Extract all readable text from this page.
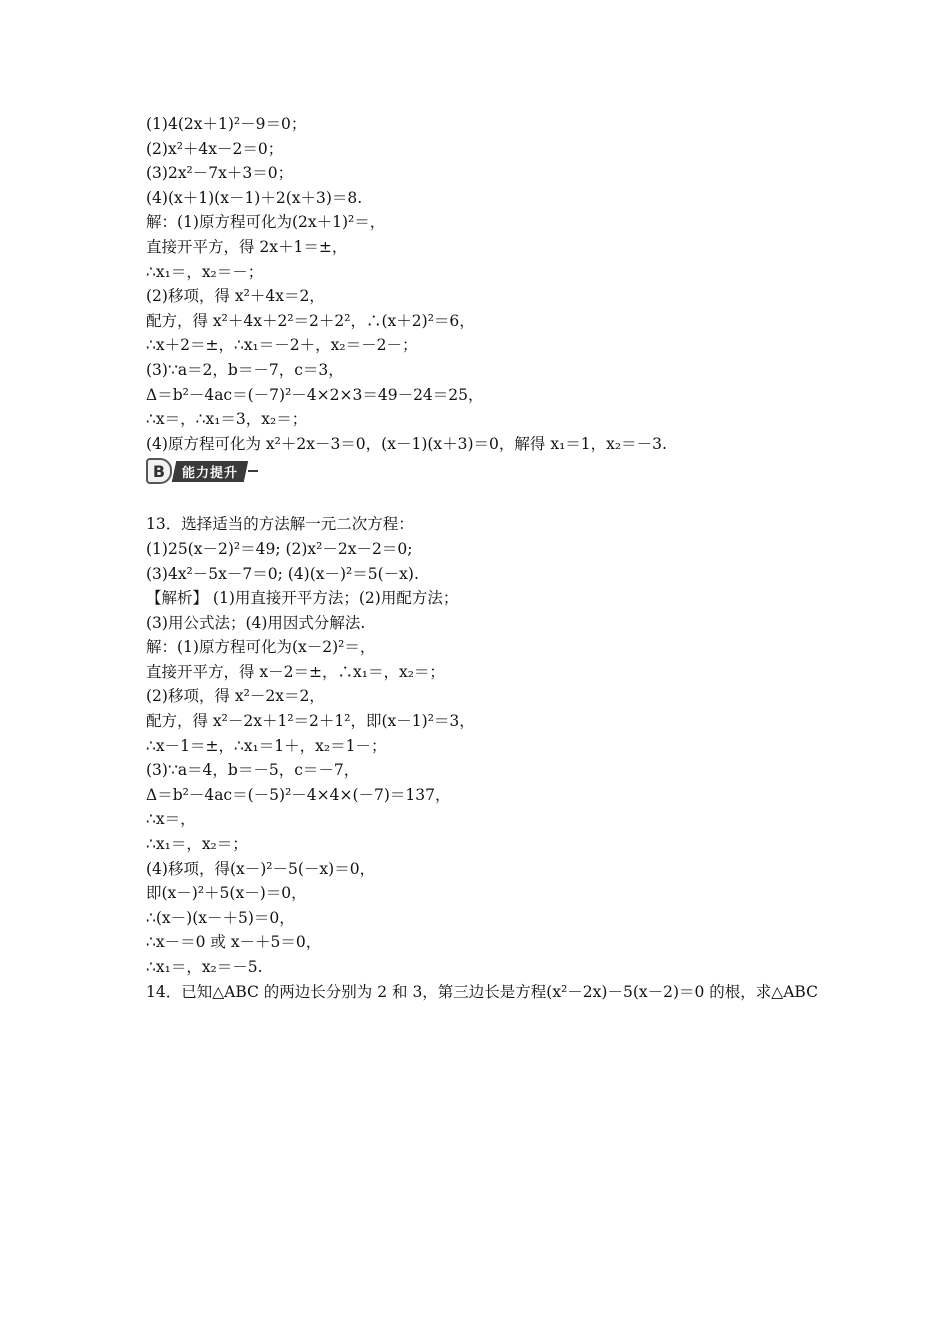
(1)4(2x＋1)²－9＝0；
(2)x²＋4x－2＝0；
(3)2x²－7x＋3＝0；
(4)(x＋1)(x－1)＋2(x＋3)＝8.
解：(1)原方程可化为(2x＋1)²＝，
直接开平方，得 2x＋1＝±，
∴x₁＝，x₂＝－；
(2)移项，得 x²＋4x＝2，
配方，得 x²＋4x＋2²＝2＋2²，∴(x＋2)²＝6，
∴x＋2＝±，∴x₁＝－2＋，x₂＝－2－；
(3)∵a＝2，b＝－7，c＝3，
Δ＝b²－4ac＝(－7)²－4×2×3＝49－24＝25，
∴x＝，∴x₁＝3，x₂＝；
(4)原方程可化为 x²＋2x－3＝0，(x－1)(x＋3)＝0，解得 x₁＝1，x₂＝－3.
B	能力提升
13．选择适当的方法解一元二次方程：
(1)25(x－2)²＝49; (2)x²－2x－2＝0;
(3)4x²－5x－7＝0; (4)(x－)²＝5(－x).
【解析】 (1)用直接开平方法；(2)用配方法；
(3)用公式法；(4)用因式分解法.
解：(1)原方程可化为(x－2)²＝，
直接开平方，得 x－2＝±，∴x₁＝，x₂＝；
(2)移项，得 x²－2x＝2，
配方，得 x²－2x＋1²＝2＋1²，即(x－1)²＝3，
∴x－1＝±，∴x₁＝1＋，x₂＝1－；
(3)∵a＝4，b＝－5，c＝－7，
Δ＝b²－4ac＝(－5)²－4×4×(－7)＝137，
∴x＝，
∴x₁＝，x₂＝；
(4)移项，得(x－)²－5(－x)＝0，
即(x－)²＋5(x－)＝0，
∴(x－)(x－＋5)＝0，
∴x－＝0 或 x－＋5＝0，
∴x₁＝，x₂＝－5.
14．已知△ABC 的两边长分别为 2 和 3，第三边长是方程(x²－2x)－5(x－2)＝0 的根，求△ABC
